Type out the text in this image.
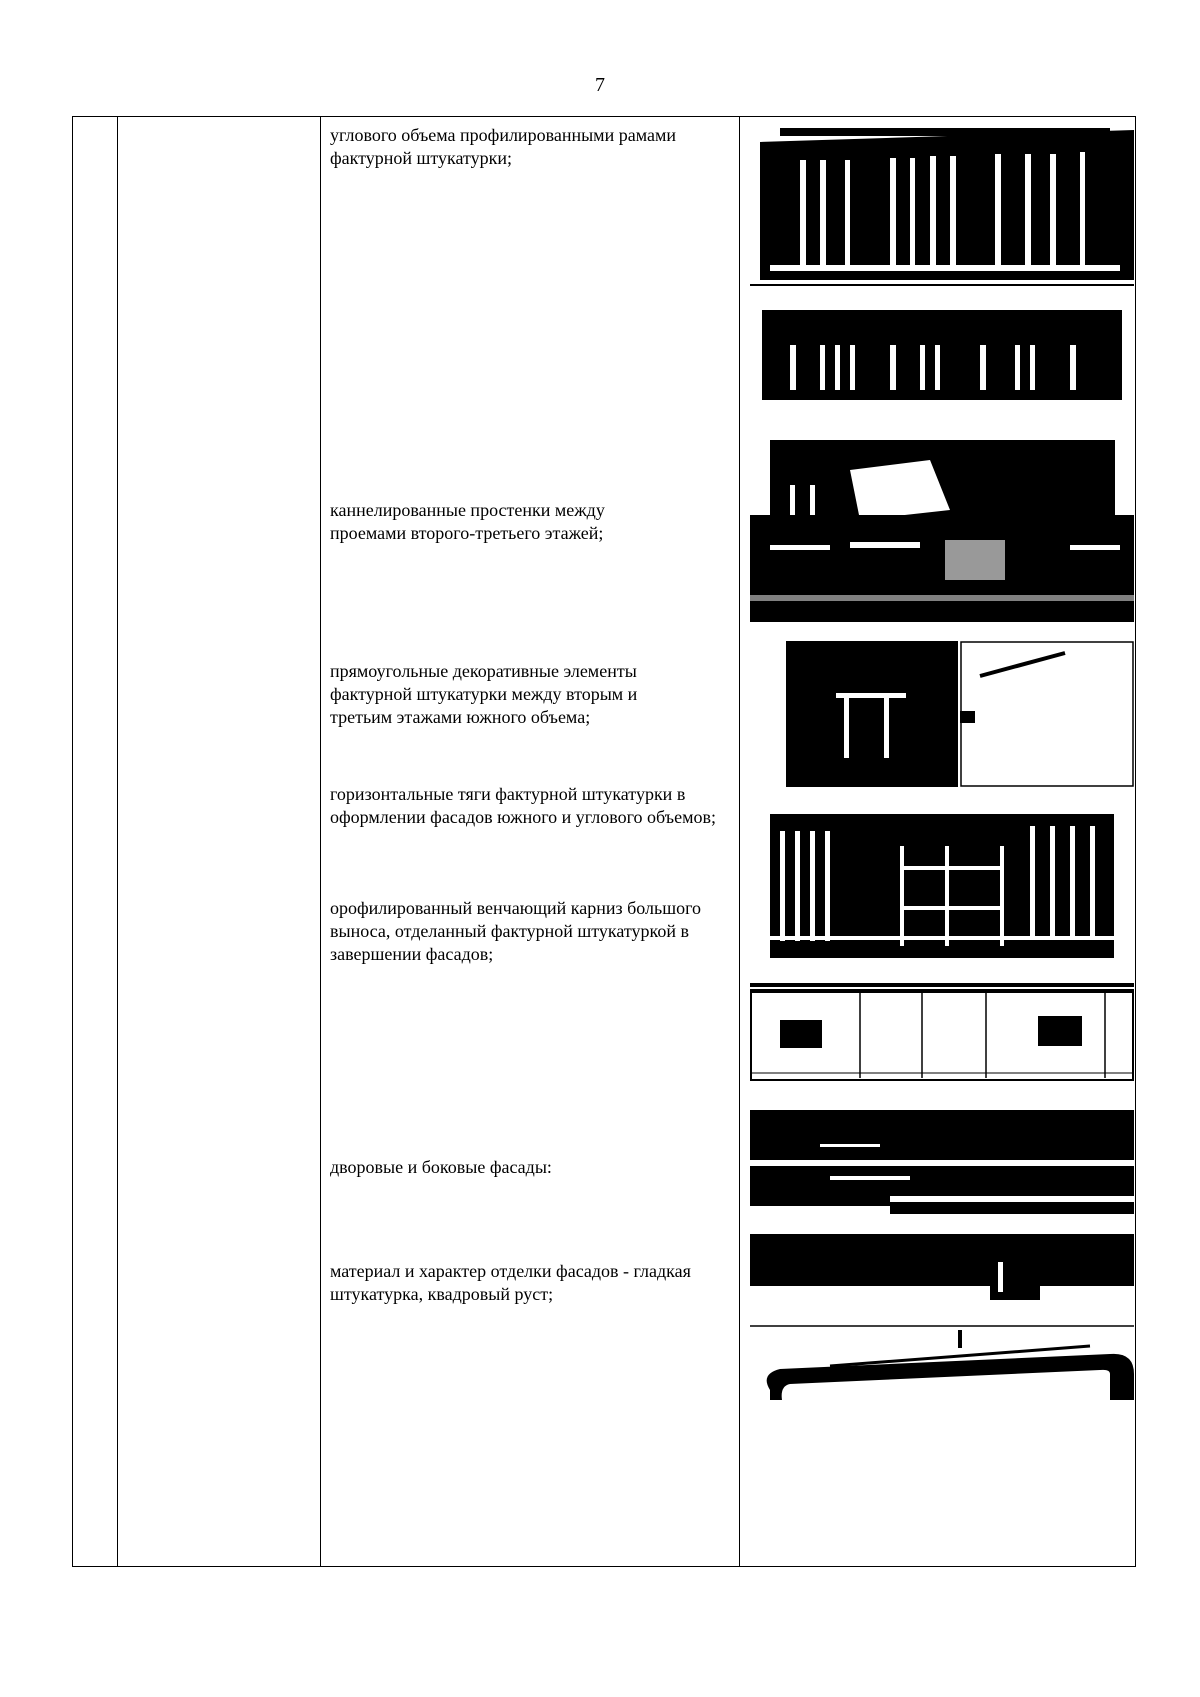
7
углового объема профилированными рамами фактурной штукатурки;
каннелированные простенки между проемами второго-третьего этажей;
прямоугольные декоративные элементы фактурной штукатурки между вторым и третьим этажами южного объема;
горизонтальные тяги фактурной штукатурки в оформлении фасадов южного и углового объемов;
орофилированный венчающий карниз большого выноса, отделанный фактурной штукатуркой в завершении фасадов;
дворовые и боковые фасады:
материал и характер отделки фасадов - гладкая штукатурка, квадровый руст;
